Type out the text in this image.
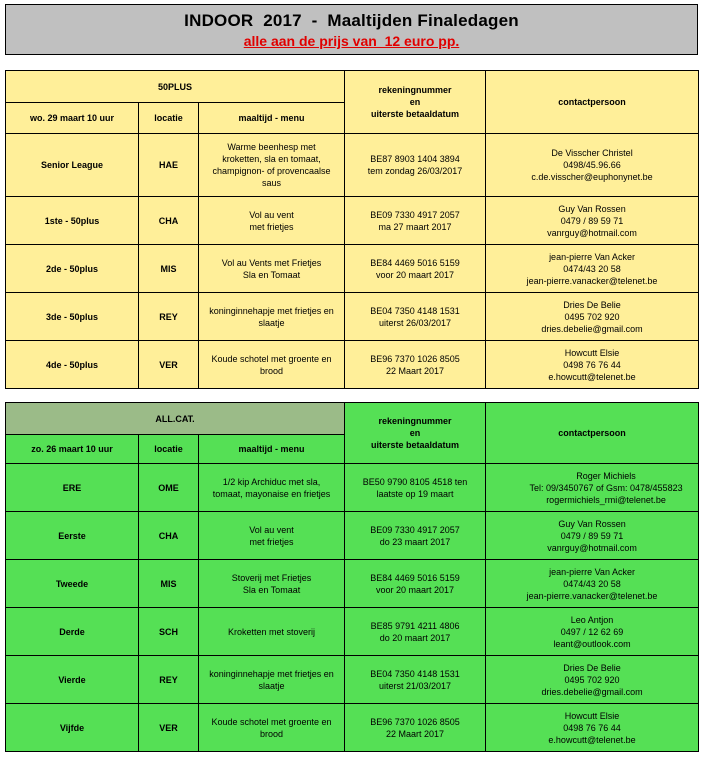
INDOOR  2017  -  Maaltijden Finaledagen
alle aan de prijs van  12 euro pp.
50PLUS			rekeningnummer
en
uiterste betaaldatum	contactpersoon
wo. 29 maart 10 uur	locatie	maaltijd - menu		
Senior League	HAE	Warme beenhesp met
kroketten, sla en tomaat,
champignon- of provencaalse
saus	BE87 8903 1404 3894
tem zondag 26/03/2017	De Visscher Christel
0498/45.96.66
c.de.visscher@euphonynet.be
1ste - 50plus	CHA	Vol au vent
met frietjes	BE09 7330 4917 2057
ma 27 maart 2017	Guy Van Rossen
0479 / 89 59 71
vanrguy@hotmail.com
2de - 50plus	MIS	Vol au Vents met Frietjes
Sla en Tomaat	BE84 4469 5016 5159
voor 20 maart 2017	jean-pierre Van Acker
0474/43 20 58
jean-pierre.vanacker@telenet.be
3de - 50plus	REY	koninginnehapje met frietjes en
slaatje	BE04 7350 4148 1531
uiterst 26/03/2017	Dries De Belie
0495 702 920
dries.debelie@gmail.com
4de - 50plus	VER	Koude schotel met groente en
brood	BE96 7370 1026 8505
22 Maart 2017	Howcutt Elsie
0498 76 76 44
e.howcutt@telenet.be
ALL.CAT.			rekeningnummer
en
uiterste betaaldatum	contactpersoon
zo. 26 maart 10 uur	locatie	maaltijd - menu		
ERE	OME	1/2 kip Archiduc met sla,
tomaat, mayonaise en frietjes	BE50 9790 8105 4518 ten
laatste op 19 maart	Roger Michiels
Tel: 09/3450767 of Gsm: 0478/455823
rogermichiels_rmi@telenet.be
Eerste	CHA	Vol au vent
met frietjes	BE09 7330 4917 2057
do 23 maart 2017	Guy Van Rossen
0479 / 89 59 71
vanrguy@hotmail.com
Tweede	MIS	Stoverij met Frietjes
Sla en Tomaat	BE84 4469 5016 5159
voor 20 maart 2017	jean-pierre Van Acker
0474/43 20 58
jean-pierre.vanacker@telenet.be
Derde	SCH	Kroketten met stoverij	BE85 9791 4211 4806
do 20 maart 2017	Leo Antjon
0497 / 12 62 69
leant@outlook.com
Vierde	REY	koninginnehapje met frietjes en
slaatje	BE04 7350 4148 1531
uiterst 21/03/2017	Dries De Belie
0495 702 920
dries.debelie@gmail.com
Vijfde	VER	Koude schotel met groente en
brood	BE96 7370 1026 8505
22 Maart 2017	Howcutt Elsie
0498 76 76 44
e.howcutt@telenet.be
